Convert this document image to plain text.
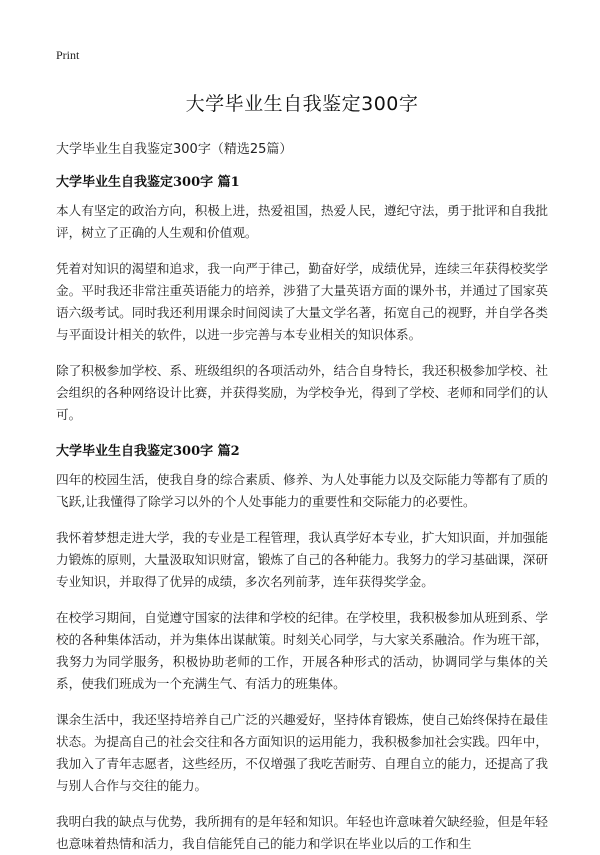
Print
大学毕业生自我鉴定300字
大学毕业生自我鉴定300字（精选25篇）
大学毕业生自我鉴定300字 篇1

本人有坚定的政治方向，积极上进，热爱祖国，热爱人民，遵纪守法，勇于批评和自我批评，树立了正确的人生观和价值观。

凭着对知识的渴望和追求，我一向严于律己，勤奋好学，成绩优异，连续三年获得校奖学金。平时我还非常注重英语能力的培养，涉猎了大量英语方面的课外书，并通过了国家英语六级考试。同时我还利用课余时间阅读了大量文学名著，拓宽自己的视野，并自学各类与平面设计相关的软件，以进一步完善与本专业相关的知识体系。

除了积极参加学校、系、班级组织的各项活动外，结合自身特长，我还积极参加学校、社会组织的各种网络设计比赛，并获得奖励，为学校争光，得到了学校、老师和同学们的认可。

大学毕业生自我鉴定300字 篇2

四年的校园生活，使我自身的综合素质、修养、为人处事能力以及交际能力等都有了质的飞跃,让我懂得了除学习以外的个人处事能力的重要性和交际能力的必要性。

我怀着梦想走进大学，我的专业是工程管理，我认真学好本专业，扩大知识面，并加强能力锻炼的原则，大量汲取知识财富，锻炼了自己的各种能力。我努力的学习基础课，深研专业知识，并取得了优异的成绩，多次名列前茅，连年获得奖学金。

在校学习期间，自觉遵守国家的法律和学校的纪律。在学校里，我积极参加从班到系、学校的各种集体活动，并为集体出谋献策。时刻关心同学，与大家关系融洽。作为班干部，我努力为同学服务，积极协助老师的工作，开展各种形式的活动，协调同学与集体的关系，使我们班成为一个充满生气、有活力的班集体。

课余生活中，我还坚持培养自己广泛的兴趣爱好，坚持体育锻炼，使自己始终保持在最佳状态。为提高自己的社会交往和各方面知识的运用能力，我积极参加社会实践。四年中，我加入了青年志愿者，这些经历，不仅增强了我吃苦耐劳、自理自立的能力，还提高了我与别人合作与交往的能力。

我明白我的缺点与优势，我所拥有的是年轻和知识。年轻也许意味着欠缺经验，但是年轻也意味着热情和活力，我自信能凭自己的能力和学识在毕业以后的工作和生
